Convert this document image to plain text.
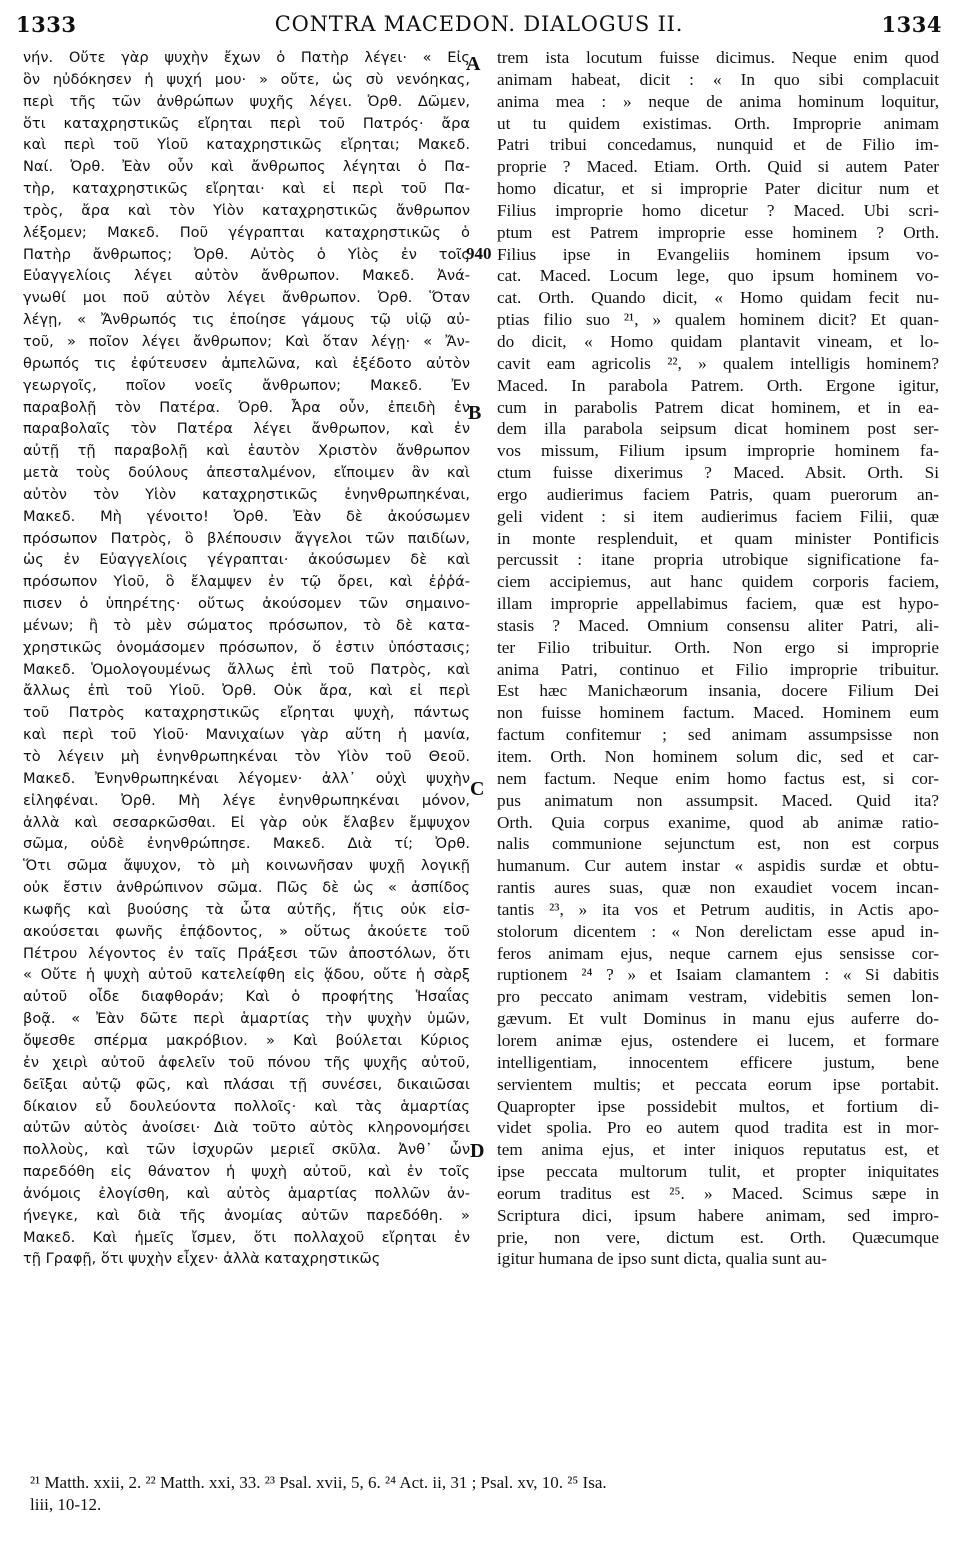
1333	CONTRA MACEDON. DIALOGUS II.	1334
νήν. Οὔτε γὰρ ψυχὴν ἔχων ὁ Πατὴρ λέγει· « Εἰς
ὃν ηὐδόκησεν ἡ ψυχή μου· » οὔτε, ὡς σὺ νενόηκας,
περὶ τῆς τῶν ἀνθρώπων ψυχῆς λέγει. Ὀρθ. Δῶμεν,
ὅτι καταχρηστικῶς εἴρηται περὶ τοῦ Πατρός· ἄρα
καὶ περὶ τοῦ Υἱοῦ καταχρηστικῶς εἴρηται; Μακεδ.
Ναί. Ὀρθ. Ἐὰν οὖν καὶ ἄνθρωπος λέγηται ὁ Πα-
τὴρ, καταχρηστικῶς εἴρηται· καὶ εἰ περὶ τοῦ Πα-
τρὸς, ἄρα καὶ τὸν Υἱὸν καταχρηστικῶς ἄνθρωπον
λέξομεν; Μακεδ. Ποῦ γέγραπται καταχρηστικῶς ὁ
Πατὴρ ἄνθρωπος; Ὀρθ. Αὐτὸς ὁ Υἱὸς ἐν τοῖς
Εὐαγγελίοις λέγει αὐτὸν ἄνθρωπον. Μακεδ. Ἀνά-
γνωθί μοι ποῦ αὐτὸν λέγει ἄνθρωπον. Ὀρθ. Ὅταν
λέγῃ, « Ἄνθρωπός τις ἐποίησε γάμους τῷ υἱῷ αὐ-
τοῦ, » ποῖον λέγει ἄνθρωπον; Καὶ ὅταν λέγῃ· « Ἄν-
θρωπός τις ἐφύτευσεν ἀμπελῶνα, καὶ ἐξέδοτο αὐτὸν
γεωργοῖς, ποῖον νοεῖς ἄνθρωπον; Μακεδ. Ἐν
παραβολῇ τὸν Πατέρα. Ὀρθ. Ἆρα οὖν, ἐπειδὴ ἐν
παραβολαῖς τὸν Πατέρα λέγει ἄνθρωπον, καὶ ἐν
αὐτῇ τῇ παραβολῇ καὶ ἑαυτὸν Χριστὸν ἄνθρωπον
μετὰ τοὺς δούλους ἀπεσταλμένον, εἴποιμεν ἂν καὶ
αὐτὸν τὸν Υἱὸν καταχρηστικῶς ἐνηνθρωπηκέναι,
Μακεδ. Μὴ γένοιτο! Ὀρθ. Ἐὰν δὲ ἀκούσωμεν
πρόσωπον Πατρὸς, ὃ βλέπουσιν ἄγγελοι τῶν παιδίων,
ὡς ἐν Εὐαγγελίοις γέγραπται· ἀκούσωμεν δὲ καὶ
πρόσωπον Υἱοῦ, ὃ ἔλαμψεν ἐν τῷ ὄρει, καὶ ἐῤῥά-
πισεν ὁ ὑπηρέτης· οὕτως ἀκούσομεν τῶν σημαινο-
μένων; ἢ τὸ μὲν σώματος πρόσωπον, τὸ δὲ κατα-
χρηστικῶς ὀνομάσομεν πρόσωπον, ὅ ἐστιν ὑπόστασις;
Μακεδ. Ὁμολογουμένως ἄλλως ἐπὶ τοῦ Πατρὸς, καὶ
ἄλλως ἐπὶ τοῦ Υἱοῦ. Ὀρθ. Οὐκ ἄρα, καὶ εἰ περὶ
τοῦ Πατρὸς καταχρηστικῶς εἴρηται ψυχὴ, πάντως
καὶ περὶ τοῦ Υἱοῦ· Μανιχαίων γὰρ αὕτη ἡ μανία,
τὸ λέγειν μὴ ἐνηνθρωπηκέναι τὸν Υἱὸν τοῦ Θεοῦ.
Μακεδ. Ἐνηνθρωπηκέναι λέγομεν· ἀλλ᾽ οὐχὶ ψυχὴν
εἰληφέναι. Ὀρθ. Μὴ λέγε ἐνηνθρωπηκέναι μόνον,
ἀλλὰ καὶ σεσαρκῶσθαι. Εἰ γὰρ οὐκ ἔλαβεν ἔμψυχον
σῶμα, οὐδὲ ἐνηνθρώπησε. Μακεδ. Διὰ τί; Ὀρθ.
Ὅτι σῶμα ἄψυχον, τὸ μὴ κοινωνῆσαν ψυχῇ λογικῇ
οὐκ ἔστιν ἀνθρώπινον σῶμα. Πῶς δὲ ὡς « ἀσπίδος
κωφῆς καὶ βυούσης τὰ ὦτα αὐτῆς, ἥτις οὐκ εἰσ-
ακούσεται φωνῆς ἐπᾴδοντος, » οὕτως ἀκούετε τοῦ
Πέτρου λέγοντος ἐν ταῖς Πράξεσι τῶν ἀποστόλων, ὅτι
« Οὔτε ἡ ψυχὴ αὐτοῦ κατελείφθη εἰς ᾅδου, οὔτε ἡ σὰρξ
αὐτοῦ οἶδε διαφθοράν; Καὶ ὁ προφήτης Ἡσαΐας
βοᾷ. « Ἐὰν δῶτε περὶ ἁμαρτίας τὴν ψυχὴν ὑμῶν,
ὄψεσθε σπέρμα μακρόβιον. » Καὶ βούλεται Κύριος
ἐν χειρὶ αὐτοῦ ἀφελεῖν τοῦ πόνου τῆς ψυχῆς αὐτοῦ,
δεῖξαι αὐτῷ φῶς, καὶ πλάσαι τῇ συνέσει, δικαιῶσαι
δίκαιον εὖ δουλεύοντα πολλοῖς· καὶ τὰς ἁμαρτίας
αὐτῶν αὐτὸς ἀνοίσει· Διὰ τοῦτο αὐτὸς κληρονομήσει
πολλοὺς, καὶ τῶν ἰσχυρῶν μεριεῖ σκῦλα. Ἀνθ᾽ ὧν
παρεδόθη εἰς θάνατον ἡ ψυχὴ αὐτοῦ, καὶ ἐν τοῖς
ἀνόμοις ἐλογίσθη, καὶ αὐτὸς ἁμαρτίας πολλῶν ἀν-
ήνεγκε, καὶ διὰ τῆς ἀνομίας αὐτῶν παρεδόθη. »
Μακεδ. Καὶ ἡμεῖς ἴσμεν, ὅτι πολλαχοῦ εἴρηται ἐν
τῇ Γραφῇ, ὅτι ψυχὴν εἶχεν· ἀλλὰ καταχρηστικῶς
trem ista locutum fuisse dicimus. Neque enim quod
animam habeat, dicit : « In quo sibi complacuit
anima mea : » neque de anima hominum loquitur,
ut tu quidem existimas. Orth. Improprie animam
Patri tribui concedamus, nunquid et de Filio im-
proprie ? Maced. Etiam. Orth. Quid si autem Pater
homo dicatur, et si improprie Pater dicitur num et
Filius improprie homo dicetur ? Maced. Ubi scri-
ptum est Patrem improprie esse hominem ? Orth.
Filius ipse in Evangeliis hominem ipsum vo-
cat. Maced. Locum lege, quo ipsum hominem vo-
cat. Orth. Quando dicit, « Homo quidam fecit nu-
ptias filio suo ²¹, » qualem hominem dicit? Et quan-
do dicit, « Homo quidam plantavit vineam, et lo-
cavit eam agricolis ²², » qualem intelligis hominem?
Maced. In parabola Patrem. Orth. Ergone igitur,
cum in parabolis Patrem dicat hominem, et in ea-
dem illa parabola seipsum dicat hominem post ser-
vos missum, Filium ipsum improprie hominem fa-
ctum fuisse dixerimus ? Maced. Absit. Orth. Si
ergo audierimus faciem Patris, quam puerorum an-
geli vident : si item audierimus faciem Filii, quæ
in monte resplenduit, et quam minister Pontificis
percussit : itane propria utrobique significatione fa-
ciem accipiemus, aut hanc quidem corporis faciem,
illam improprie appellabimus faciem, quæ est hypo-
stasis ? Maced. Omnium consensu aliter Patri, ali-
ter Filio tribuitur. Orth. Non ergo si improprie
anima Patri, continuo et Filio improprie tribuitur.
Est hæc Manichæorum insania, docere Filium Dei
non fuisse hominem factum. Maced. Hominem eum
factum confitemur ; sed animam assumpsisse non
item. Orth. Non hominem solum dic, sed et car-
nem factum. Neque enim homo factus est, si cor-
pus animatum non assumpsit. Maced. Quid ita?
Orth. Quia corpus exanime, quod ab animæ ratio-
nalis communione sejunctum est, non est corpus
humanum. Cur autem instar « aspidis surdæ et obtu-
rantis aures suas, quæ non exaudiet vocem incan-
tantis ²³, » ita vos et Petrum auditis, in Actis apo-
stolorum dicentem : « Non derelictam esse apud in-
feros animam ejus, neque carnem ejus sensisse cor-
ruptionem ²⁴ ? » et Isaiam clamantem : « Si dabitis
pro peccato animam vestram, videbitis semen lon-
gævum. Et vult Dominus in manu ejus auferre do-
lorem animæ ejus, ostendere ei lucem, et formare
intelligentiam, innocentem efficere justum, bene
servientem multis; et peccata eorum ipse portabit.
Quapropter ipse possidebit multos, et fortium di-
videt spolia. Pro eo autem quod tradita est in mor-
tem anima ejus, et inter iniquos reputatus est, et
ipse peccata multorum tulit, et propter iniquitates
eorum traditus est ²⁵. » Maced. Scimus sæpe in
Scriptura dici, ipsum habere animam, sed impro-
prie, non vere, dictum est. Orth. Quæcumque
igitur humana de ipso sunt dicta, qualia sunt au-
A
B
C
D
940
²¹ Matth. xxii, 2. ²² Matth. xxi, 33. ²³ Psal. xvii, 5, 6. ²⁴ Act. ii, 31 ; Psal. xv, 10. ²⁵ Isa.
liii, 10-12.
